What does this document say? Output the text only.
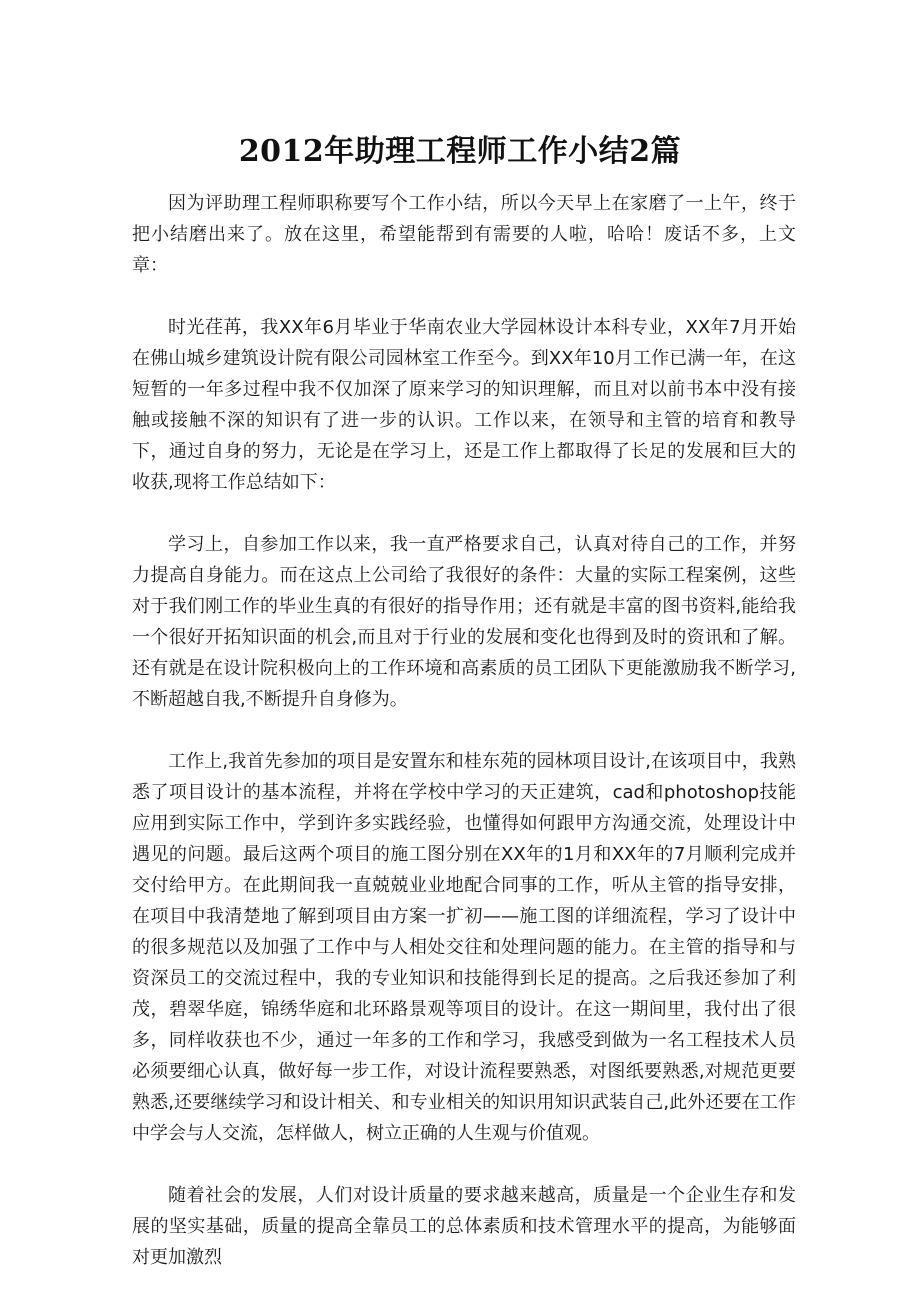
2012年助理工程师工作小结2篇

因为评助理工程师职称要写个工作小结，所以今天早上在家磨了一上午，终于把小结磨出来了。放在这里，希望能帮到有需要的人啦，哈哈！废话不多，上文章：

时光荏苒，我XX年6月毕业于华南农业大学园林设计本科专业，XX年7月开始在佛山城乡建筑设计院有限公司园林室工作至今。到XX年10月工作已满一年，在这短暂的一年多过程中我不仅加深了原来学习的知识理解，而且对以前书本中没有接触或接触不深的知识有了进一步的认识。工作以来，在领导和主管的培育和教导下，通过自身的努力，无论是在学习上，还是工作上都取得了长足的发展和巨大的收获,现将工作总结如下：

学习上，自参加工作以来，我一直严格要求自己，认真对待自己的工作，并努力提高自身能力。而在这点上公司给了我很好的条件：大量的实际工程案例，这些对于我们刚工作的毕业生真的有很好的指导作用；还有就是丰富的图书资料,能给我一个很好开拓知识面的机会,而且对于行业的发展和变化也得到及时的资讯和了解。还有就是在设计院积极向上的工作环境和高素质的员工团队下更能激励我不断学习,不断超越自我,不断提升自身修为。

工作上,我首先参加的项目是安置东和桂东苑的园林项目设计,在该项目中，我熟悉了项目设计的基本流程，并将在学校中学习的天正建筑，cad和photoshop技能应用到实际工作中，学到许多实践经验，也懂得如何跟甲方沟通交流，处理设计中遇见的问题。最后这两个项目的施工图分别在XX年的1月和XX年的7月顺利完成并交付给甲方。在此期间我一直兢兢业业地配合同事的工作，听从主管的指导安排，在项目中我清楚地了解到项目由方案一扩初——施工图的详细流程，学习了设计中的很多规范以及加强了工作中与人相处交往和处理问题的能力。在主管的指导和与资深员工的交流过程中，我的专业知识和技能得到长足的提高。之后我还参加了利茂，碧翠华庭，锦绣华庭和北环路景观等项目的设计。在这一期间里，我付出了很多，同样收获也不少，通过一年多的工作和学习，我感受到做为一名工程技术人员必须要细心认真，做好每一步工作，对设计流程要熟悉，对图纸要熟悉,对规范更要熟悉,还要继续学习和设计相关、和专业相关的知识用知识武装自己,此外还要在工作中学会与人交流，怎样做人，树立正确的人生观与价值观。

随着社会的发展，人们对设计质量的要求越来越高，质量是一个企业生存和发展的坚实基础，质量的提高全靠员工的总体素质和技术管理水平的提高，为能够面对更加激烈
